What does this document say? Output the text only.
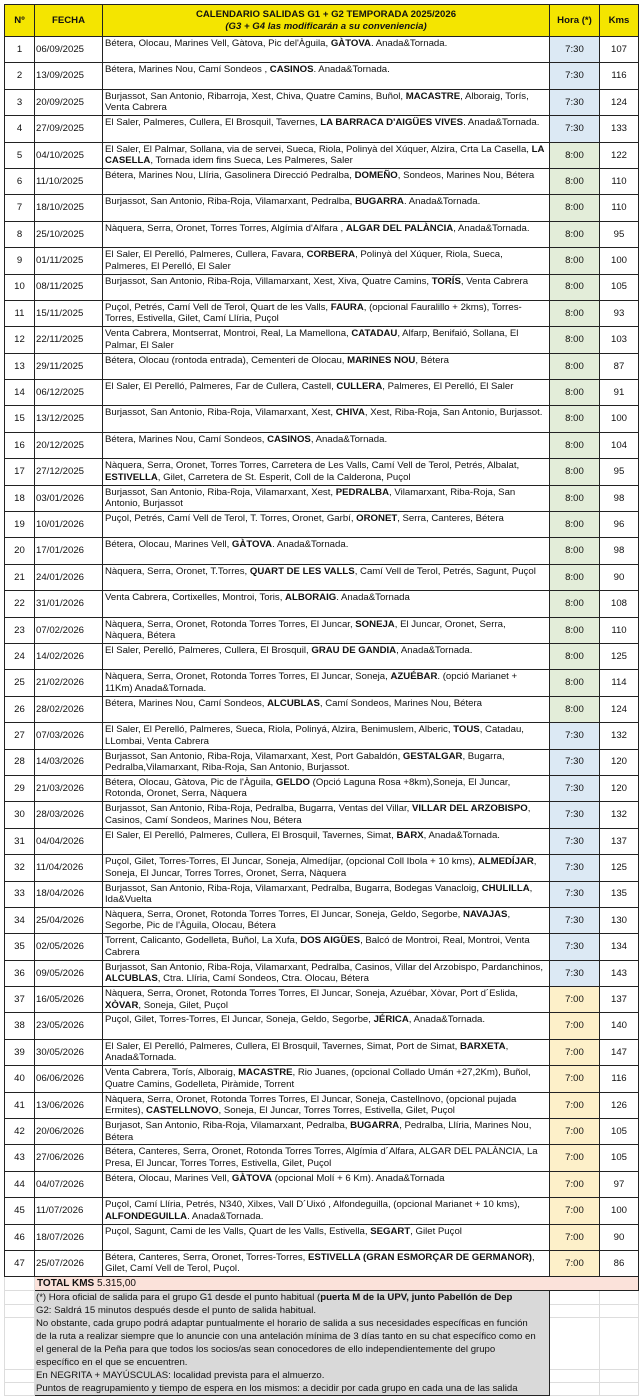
Nº	FECHA	CALENDARIO SALIDAS G1 + G2 TEMPORADA 2025/2026
(G3 + G4 las modificarán a su conveniencia)	Hora (*)	Kms
1	06/09/2025	Bétera, Olocau, Marines Vell, Gàtova, Pic del'Àguila, GÀTOVA. Anada&Tornada.	7:30	107
2	13/09/2025	Bétera, Marines Nou, Camí Sondeos , CASINOS. Anada&Tornada.	7:30	116
3	20/09/2025	Burjassot, San Antonio, Ribarroja, Xest, Chiva, Quatre Camins, Buñol, MACASTRE, Alboraig, Torís, Venta Cabrera	7:30	124
4	27/09/2025	El Saler, Palmeres, Cullera, El Brosquil, Tavernes, LA BARRACA D'AIGÜES VIVES. Anada&Tornada.	7:30	133
5	04/10/2025	El Saler, El Palmar, Sollana, via de servei, Sueca, Riola, Polinyà del Xúquer, Alzira, Crta La Casella, LA CASELLA, Tornada idem fins Sueca, Les Palmeres, Saler	8:00	122
6	11/10/2025	Bétera, Marines Nou, Llíria, Gasolinera Direcció Pedralba, DOMEÑO, Sondeos, Marines Nou, Bétera	8:00	110
7	18/10/2025	Burjassot, San Antonio, Riba-Roja, Vilamarxant, Pedralba, BUGARRA. Anada&Tornada.	8:00	110
8	25/10/2025	Nàquera, Serra, Oronet, Torres Torres, Algímia d'Alfara , ALGAR DEL PALÀNCIA, Anada&Tornada.	8:00	95
9	01/11/2025	El Saler, El Perelló, Palmeres, Cullera, Favara, CORBERA, Polinyà del Xúquer, Riola, Sueca, Palmeres, El Perelló, El Saler	8:00	100
10	08/11/2025	Burjassot, San Antonio, Riba-Roja, Villamarxant, Xest, Xiva, Quatre Camins, TORÍS, Venta Cabrera	8:00	105
11	15/11/2025	Puçol, Petrés, Camí Vell de Terol, Quart de les Valls, FAURA, (opcional Fauralillo + 2kms), Torres-Torres, Estivella, Gilet, Camí Llíria, Puçol	8:00	93
12	22/11/2025	Venta Cabrera, Montserrat, Montroi, Real, La Mamellona, CATADAU, Alfarp, Benifaió, Sollana, El Palmar, El Saler	8:00	103
13	29/11/2025	Bétera, Olocau (rontoda entrada), Cementeri de Olocau, MARINES NOU, Bétera	8:00	87
14	06/12/2025	El Saler, El Perelló, Palmeres, Far de Cullera, Castell, CULLERA, Palmeres, El Perelló, El Saler	8:00	91
15	13/12/2025	Burjassot, San Antonio, Riba-Roja, Vilamarxant, Xest, CHIVA, Xest, Riba-Roja, San Antonio, Burjassot.	8:00	100
16	20/12/2025	Bétera, Marines Nou, Camí Sondeos, CASINOS, Anada&Tornada.	8:00	104
17	27/12/2025	Nàquera, Serra, Oronet, Torres Torres, Carretera de Les Valls, Camí Vell de Terol, Petrés, Albalat, ESTIVELLA, Gilet, Carretera de St. Esperit, Coll de la Calderona, Puçol	8:00	95
18	03/01/2026	Burjassot, San Antonio, Riba-Roja, Vilamarxant, Xest, PEDRALBA, Vilamarxant, Riba-Roja, San Antonio, Burjassot	8:00	98
19	10/01/2026	Puçol, Petrés, Camí Vell de Terol, T. Torres, Oronet, Garbí, ORONET, Serra, Canteres, Bétera	8:00	96
20	17/01/2026	Bétera, Olocau, Marines Vell, GÀTOVA. Anada&Tornada.	8:00	98
21	24/01/2026	Nàquera, Serra, Oronet, T.Torres, QUART DE LES VALLS, Camí Vell de Terol, Petrés, Sagunt, Puçol	8:00	90
22	31/01/2026	Venta Cabrera, Cortixelles, Montroi, Toris, ALBORAIG. Anada&Tornada	8:00	108
23	07/02/2026	Nàquera, Serra, Oronet, Rotonda Torres Torres, El Juncar, SONEJA, El Juncar, Oronet, Serra, Nàquera, Bétera	8:00	110
24	14/02/2026	El Saler, Perelló, Palmeres, Cullera, El Brosquil, GRAU DE GANDIA, Anada&Tornada.	8:00	125
25	21/02/2026	Nàquera, Serra, Oronet, Rotonda Torres Torres, El Juncar, Soneja, AZUÉBAR. (opció Marianet + 11Km) Anada&Tornada.	8:00	114
26	28/02/2026	Bétera, Marines Nou, Camí Sondeos, ALCUBLAS, Camí Sondeos, Marines Nou, Bétera	8:00	124
27	07/03/2026	El Saler, El Perelló, Palmeres, Sueca, Riola, Polinyá, Alzira, Benimuslem, Alberic, TOUS, Catadau, LLombai, Venta Cabrera	7:30	132
28	14/03/2026	Burjassot, San Antonio, Riba-Roja, Vilamarxant, Xest, Port Gabaldón, GESTALGAR, Bugarra, Pedralba,Vilamarxant, Riba-Roja, San Antonio, Burjassot.	7:30	120
29	21/03/2026	Bétera, Olocau, Gàtova, Pic de l'Àguila, GELDO (Opció Laguna Rosa +8km),Soneja, El Juncar, Rotonda, Oronet, Serra, Nàquera	7:30	120
30	28/03/2026	Burjassot, San Antonio, Riba-Roja, Pedralba, Bugarra, Ventas del Villar, VILLAR DEL ARZOBISPO, Casinos, Camí Sondeos, Marines Nou, Bétera	7:30	132
31	04/04/2026	El Saler, El Perelló, Palmeres, Cullera, El Brosquil, Tavernes, Simat, BARX, Anada&Tornada.	7:30	137
32	11/04/2026	Puçol, Gilet, Torres-Torres, El Juncar, Soneja, Almedíjar, (opcional Coll Ibola + 10 kms), ALMEDÍJAR, Soneja, El Juncar, Torres Torres, Oronet, Serra, Nàquera	7:30	125
33	18/04/2026	Burjassot, San Antonio, Riba-Roja, Vilamarxant, Pedralba, Bugarra, Bodegas Vanacloig, CHULILLA, Ida&Vuelta	7:30	135
34	25/04/2026	Nàquera, Serra, Oronet, Rotonda Torres Torres, El Juncar, Soneja, Geldo, Segorbe, NAVAJAS, Segorbe, Pic de l'Àguila, Olocau, Bétera	7:30	130
35	02/05/2026	Torrent, Calicanto, Godelleta, Buñol, La Xufa, DOS AIGÜES, Balcó de Montroi, Real, Montroi, Venta Cabrera	7:30	134
36	09/05/2026	Burjassot, San Antonio, Riba-Roja, Vilamarxant, Pedralba, Casinos, Villar del Arzobispo, Pardanchinos, ALCUBLAS, Ctra. Llíria, Camí Sondeos, Ctra. Olocau, Bétera	7:30	143
37	16/05/2026	Nàquera, Serra, Oronet, Rotonda Torres Torres, El Juncar, Soneja, Azuébar, Xòvar, Port d´Eslida, XÒVAR, Soneja, Gilet, Puçol	7:00	137
38	23/05/2026	Puçol, Gilet, Torres-Torres, El Juncar, Soneja, Geldo, Segorbe, JÉRICA, Anada&Tornada.	7:00	140
39	30/05/2026	El Saler, El Perelló, Palmeres, Cullera, El Brosquil, Tavernes, Simat, Port de Simat, BARXETA, Anada&Tornada.	7:00	147
40	06/06/2026	Venta Cabrera, Torís, Alboraig, MACASTRE, Rio Juanes, (opcional Collado Umán +27,2Km), Buñol, Quatre Camins, Godelleta, Piràmide, Torrent	7:00	116
41	13/06/2026	Nàquera, Serra, Oronet, Rotonda Torres Torres, El Juncar, Soneja, Castellnovo, (opcional pujada Ermites), CASTELLNOVO, Soneja, El Juncar, Torres Torres, Estivella, Gilet, Puçol	7:00	126
42	20/06/2026	Burjasot, San Antonio, Riba-Roja, Vilamarxant, Pedralba, BUGARRA, Pedralba, Llíria, Marines Nou, Bétera	7:00	105
43	27/06/2026	Bétera, Canteres, Serra, Oronet, Rotonda Torres Torres, Algímia d´Alfara, ALGAR DEL PALÀNCIA, La Presa, El Juncar, Torres Torres, Estivella, Gilet, Puçol	7:00	105
44	04/07/2026	Bétera, Olocau, Marines Vell, GÀTOVA (opcional Molí + 6 Km). Anada&Tornada	7:00	97
45	11/07/2026	Puçol, Camí Llíria, Petrés, N340, Xilxes, Vall D´Uixó , Alfondeguilla, (opcional Marianet + 10 kms), ALFONDEGUILLA. Anada&Tornada.	7:00	100
46	18/07/2026	Puçol, Sagunt, Cami de les Valls, Quart de les Valls, Estivella, SEGART, Gilet Puçol	7:00	90
47	25/07/2026	Bétera, Canteres, Serra, Oronet, Torres-Torres, ESTIVELLA (GRAN ESMORÇAR DE GERMANOR), Gilet, Camí Vell de Terol, Puçol.	7:00	86
	TOTAL KMS 5.315,00			
	(*) Hora oficial de salida para el grupo G1 desde el punto habitual (puerta M de la UPV, junto Pabellón de Dep			
	G2: Saldrá 15 minutos después desde el punto de salida habitual.			
	No obstante, cada grupo podrá adaptar puntualmente el horario de salida a sus necesidades específicas en función de la ruta a realizar siempre que lo anuncie con una antelación mínima de 3 días tanto en su chat específico como en el general de la Peña para que todos los socios/as sean conocedores de ello independientemente del grupo específico en el que se encuentren.			
	En NEGRITA + MAYÚSCULAS: localidad prevista para el almuerzo.			
	Puntos de reagrupamiento y tiempo de espera en los mismos: a decidir por cada grupo en cada una de las salida			
